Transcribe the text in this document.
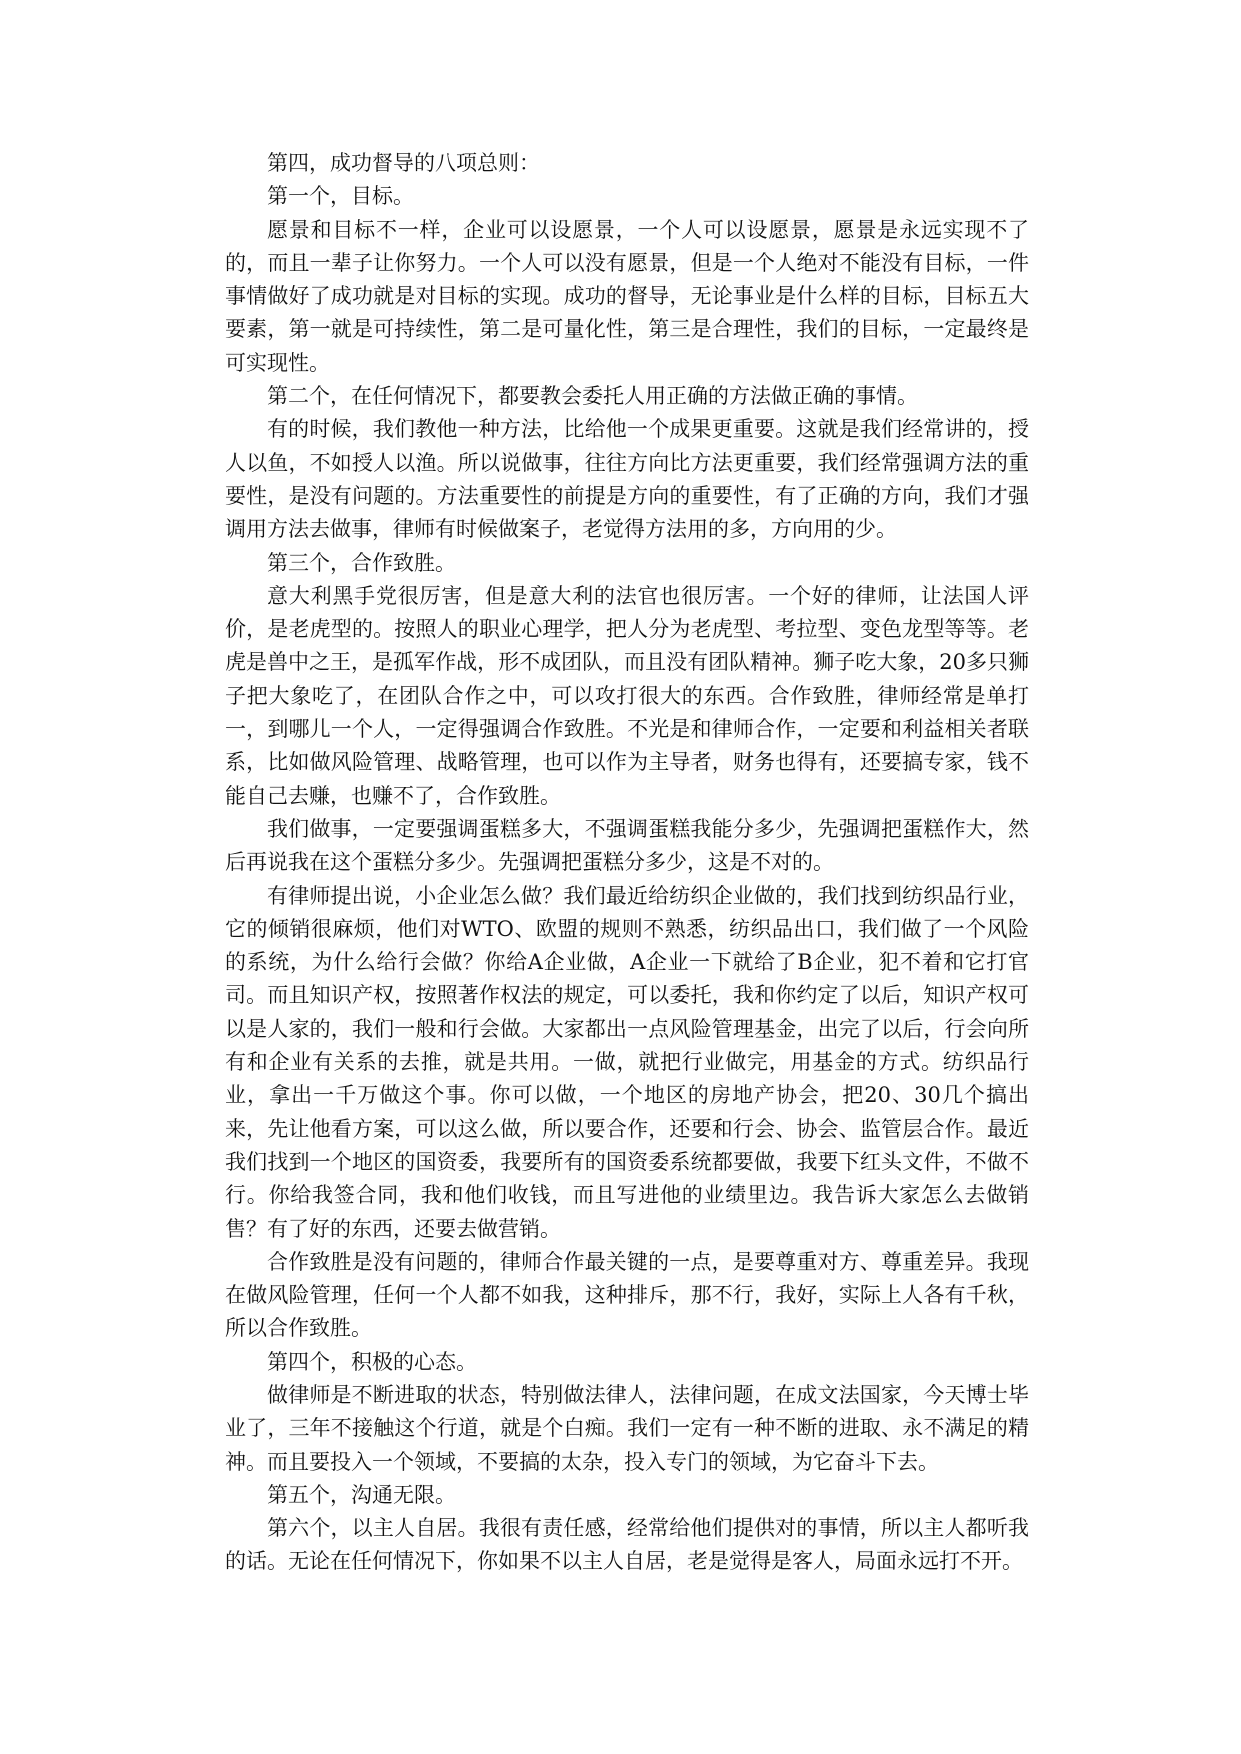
第四，成功督导的八项总则：

第一个，目标。

愿景和目标不一样，企业可以设愿景，一个人可以设愿景，愿景是永远实现不了的，而且一辈子让你努力。一个人可以没有愿景，但是一个人绝对不能没有目标，一件事情做好了成功就是对目标的实现。成功的督导，无论事业是什么样的目标，目标五大要素，第一就是可持续性，第二是可量化性，第三是合理性，我们的目标，一定最终是可实现性。

第二个，在任何情况下，都要教会委托人用正确的方法做正确的事情。

有的时候，我们教他一种方法，比给他一个成果更重要。这就是我们经常讲的，授人以鱼，不如授人以渔。所以说做事，往往方向比方法更重要，我们经常强调方法的重要性，是没有问题的。方法重要性的前提是方向的重要性，有了正确的方向，我们才强调用方法去做事，律师有时候做案子，老觉得方法用的多，方向用的少。

第三个，合作致胜。

意大利黑手党很厉害，但是意大利的法官也很厉害。一个好的律师，让法国人评价，是老虎型的。按照人的职业心理学，把人分为老虎型、考拉型、变色龙型等等。老虎是兽中之王，是孤军作战，形不成团队，而且没有团队精神。狮子吃大象，20多只狮子把大象吃了，在团队合作之中，可以攻打很大的东西。合作致胜，律师经常是单打一，到哪儿一个人，一定得强调合作致胜。不光是和律师合作，一定要和利益相关者联系，比如做风险管理、战略管理，也可以作为主导者，财务也得有，还要搞专家，钱不能自己去赚，也赚不了，合作致胜。

我们做事，一定要强调蛋糕多大，不强调蛋糕我能分多少，先强调把蛋糕作大，然后再说我在这个蛋糕分多少。先强调把蛋糕分多少，这是不对的。

有律师提出说，小企业怎么做？我们最近给纺织企业做的，我们找到纺织品行业，它的倾销很麻烦，他们对WTO、欧盟的规则不熟悉，纺织品出口，我们做了一个风险的系统，为什么给行会做？你给A企业做，A企业一下就给了B企业，犯不着和它打官司。而且知识产权，按照著作权法的规定，可以委托，我和你约定了以后，知识产权可以是人家的，我们一般和行会做。大家都出一点风险管理基金，出完了以后，行会向所有和企业有关系的去推，就是共用。一做，就把行业做完，用基金的方式。纺织品行业，拿出一千万做这个事。你可以做，一个地区的房地产协会，把20、30几个搞出来，先让他看方案，可以这么做，所以要合作，还要和行会、协会、监管层合作。最近我们找到一个地区的国资委，我要所有的国资委系统都要做，我要下红头文件，不做不行。你给我签合同，我和他们收钱，而且写进他的业绩里边。我告诉大家怎么去做销售？有了好的东西，还要去做营销。

合作致胜是没有问题的，律师合作最关键的一点，是要尊重对方、尊重差异。我现在做风险管理，任何一个人都不如我，这种排斥，那不行，我好，实际上人各有千秋，所以合作致胜。

第四个，积极的心态。

做律师是不断进取的状态，特别做法律人，法律问题，在成文法国家，今天博士毕业了，三年不接触这个行道，就是个白痴。我们一定有一种不断的进取、永不满足的精神。而且要投入一个领域，不要搞的太杂，投入专门的领域，为它奋斗下去。

第五个，沟通无限。

第六个，以主人自居。我很有责任感，经常给他们提供对的事情，所以主人都听我的话。无论在任何情况下，你如果不以主人自居，老是觉得是客人，局面永远打不开。
